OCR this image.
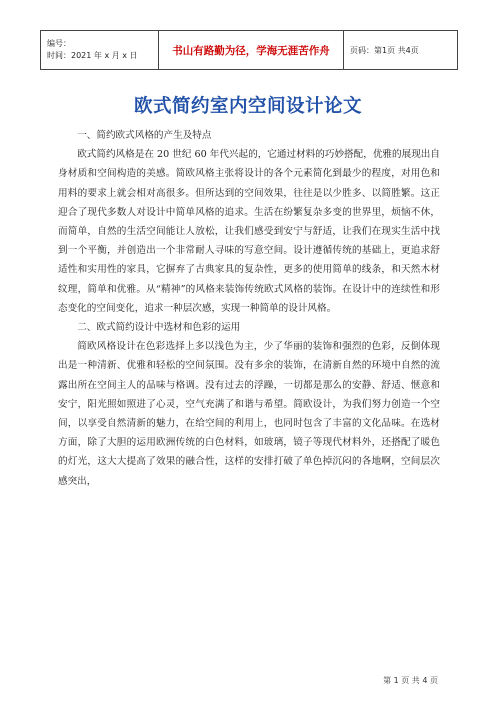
编号：
时间：2021 年 x 月 x 日	书山有路勤为径，学海无涯苦作舟	页码：第1页 共4页
欧式简约室内空间设计论文

一、简约欧式风格的产生及特点

欧式简约风格是在 20 世纪 60 年代兴起的，它通过材料的巧妙搭配，优雅的展现出自身材质和空间构造的美感。简欧风格主张将设计的各个元素简化到最少的程度，对用色和用料的要求上就会相对高很多。但所达到的空间效果，往往是以少胜多、以简胜繁。这正迎合了现代多数人对设计中简单风格的追求。生活在纷繁复杂多变的世界里，烦恼不休，而简单，自然的生活空间能让人放松，让我们感受到安宁与舒适，让我们在现实生活中找到一个平衡，并创造出一个非常耐人寻味的写意空间。设计遵循传统的基础上，更追求舒适性和实用性的家具，它摒弃了古典家具的复杂性，更多的使用简单的线条，和天然木材纹理，简单和优雅。从“精神”的风格来装饰传统欧式风格的装饰。在设计中的连续性和形态变化的空间变化，追求一种层次感，实现一种简单的设计风格。

二、欧式简约设计中选材和色彩的运用

简欧风格设计在色彩选择上多以浅色为主，少了华丽的装饰和强烈的色彩，反倒体现出是一种清新、优雅和轻松的空间氛围。没有多余的装饰，在清新自然的环境中自然的流露出所在空间主人的品味与格调。没有过去的浮躁，一切都是那么的安静、舒适、惬意和安宁，阳光照如照进了心灵，空气充满了和谐与希望。简欧设计，为我们努力创造一个空间，以享受自然清新的魅力，在给空间的利用上，也同时包含了丰富的文化品味。在选材方面，除了大胆的运用欧洲传统的白色材料，如玻璃，镜子等现代材料外，还搭配了暖色的灯光，这大大提高了效果的融合性，这样的安排打破了单色掉沉闷的各地啊，空间层次感突出，

第 1 页 共 4 页
